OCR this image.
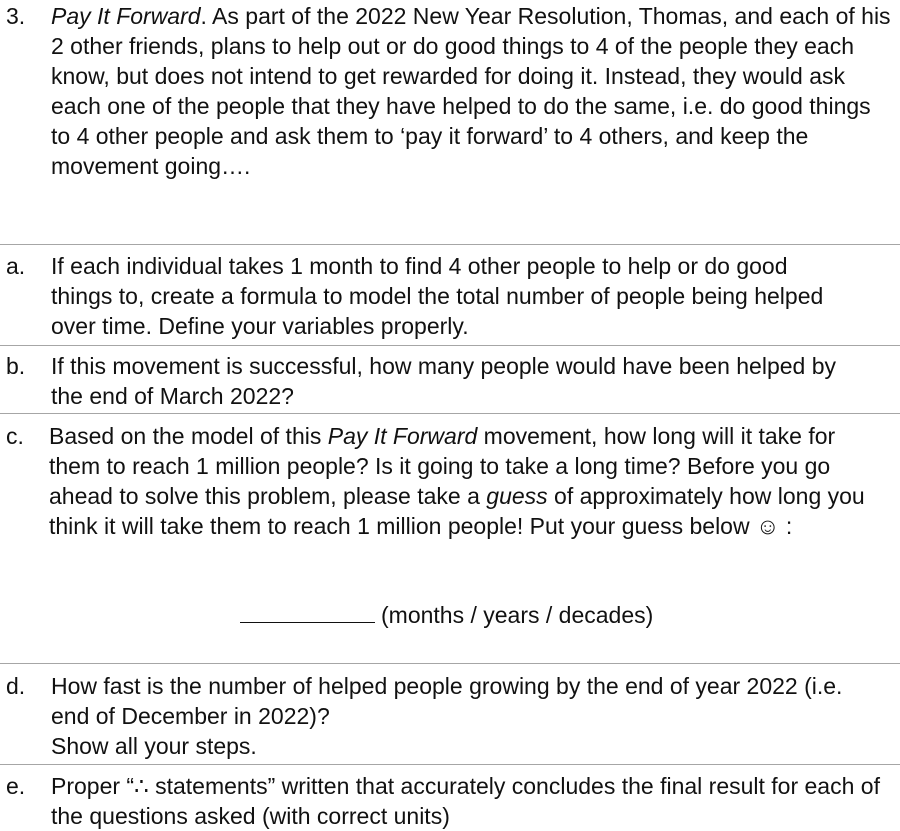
3. Pay It Forward. As part of the 2022 New Year Resolution, Thomas, and each of his 2 other friends, plans to help out or do good things to 4 of the people they each know, but does not intend to get rewarded for doing it. Instead, they would ask each one of the people that they have helped to do the same, i.e. do good things to 4 other people and ask them to ‘pay it forward’ to 4 others, and keep the movement going….
a. If each individual takes 1 month to find 4 other people to help or do good things to, create a formula to model the total number of people being helped over time. Define your variables properly.
b. If this movement is successful, how many people would have been helped by the end of March 2022?
c. Based on the model of this Pay It Forward movement, how long will it take for them to reach 1 million people? Is it going to take a long time? Before you go ahead to solve this problem, please take a guess of approximately how long you think it will take them to reach 1 million people! Put your guess below ☺ :
(months / years / decades)
d. How fast is the number of helped people growing by the end of year 2022 (i.e. end of December in 2022)?
Show all your steps.
e. Proper “∴ statements” written that accurately concludes the final result for each of the questions asked (with correct units)
